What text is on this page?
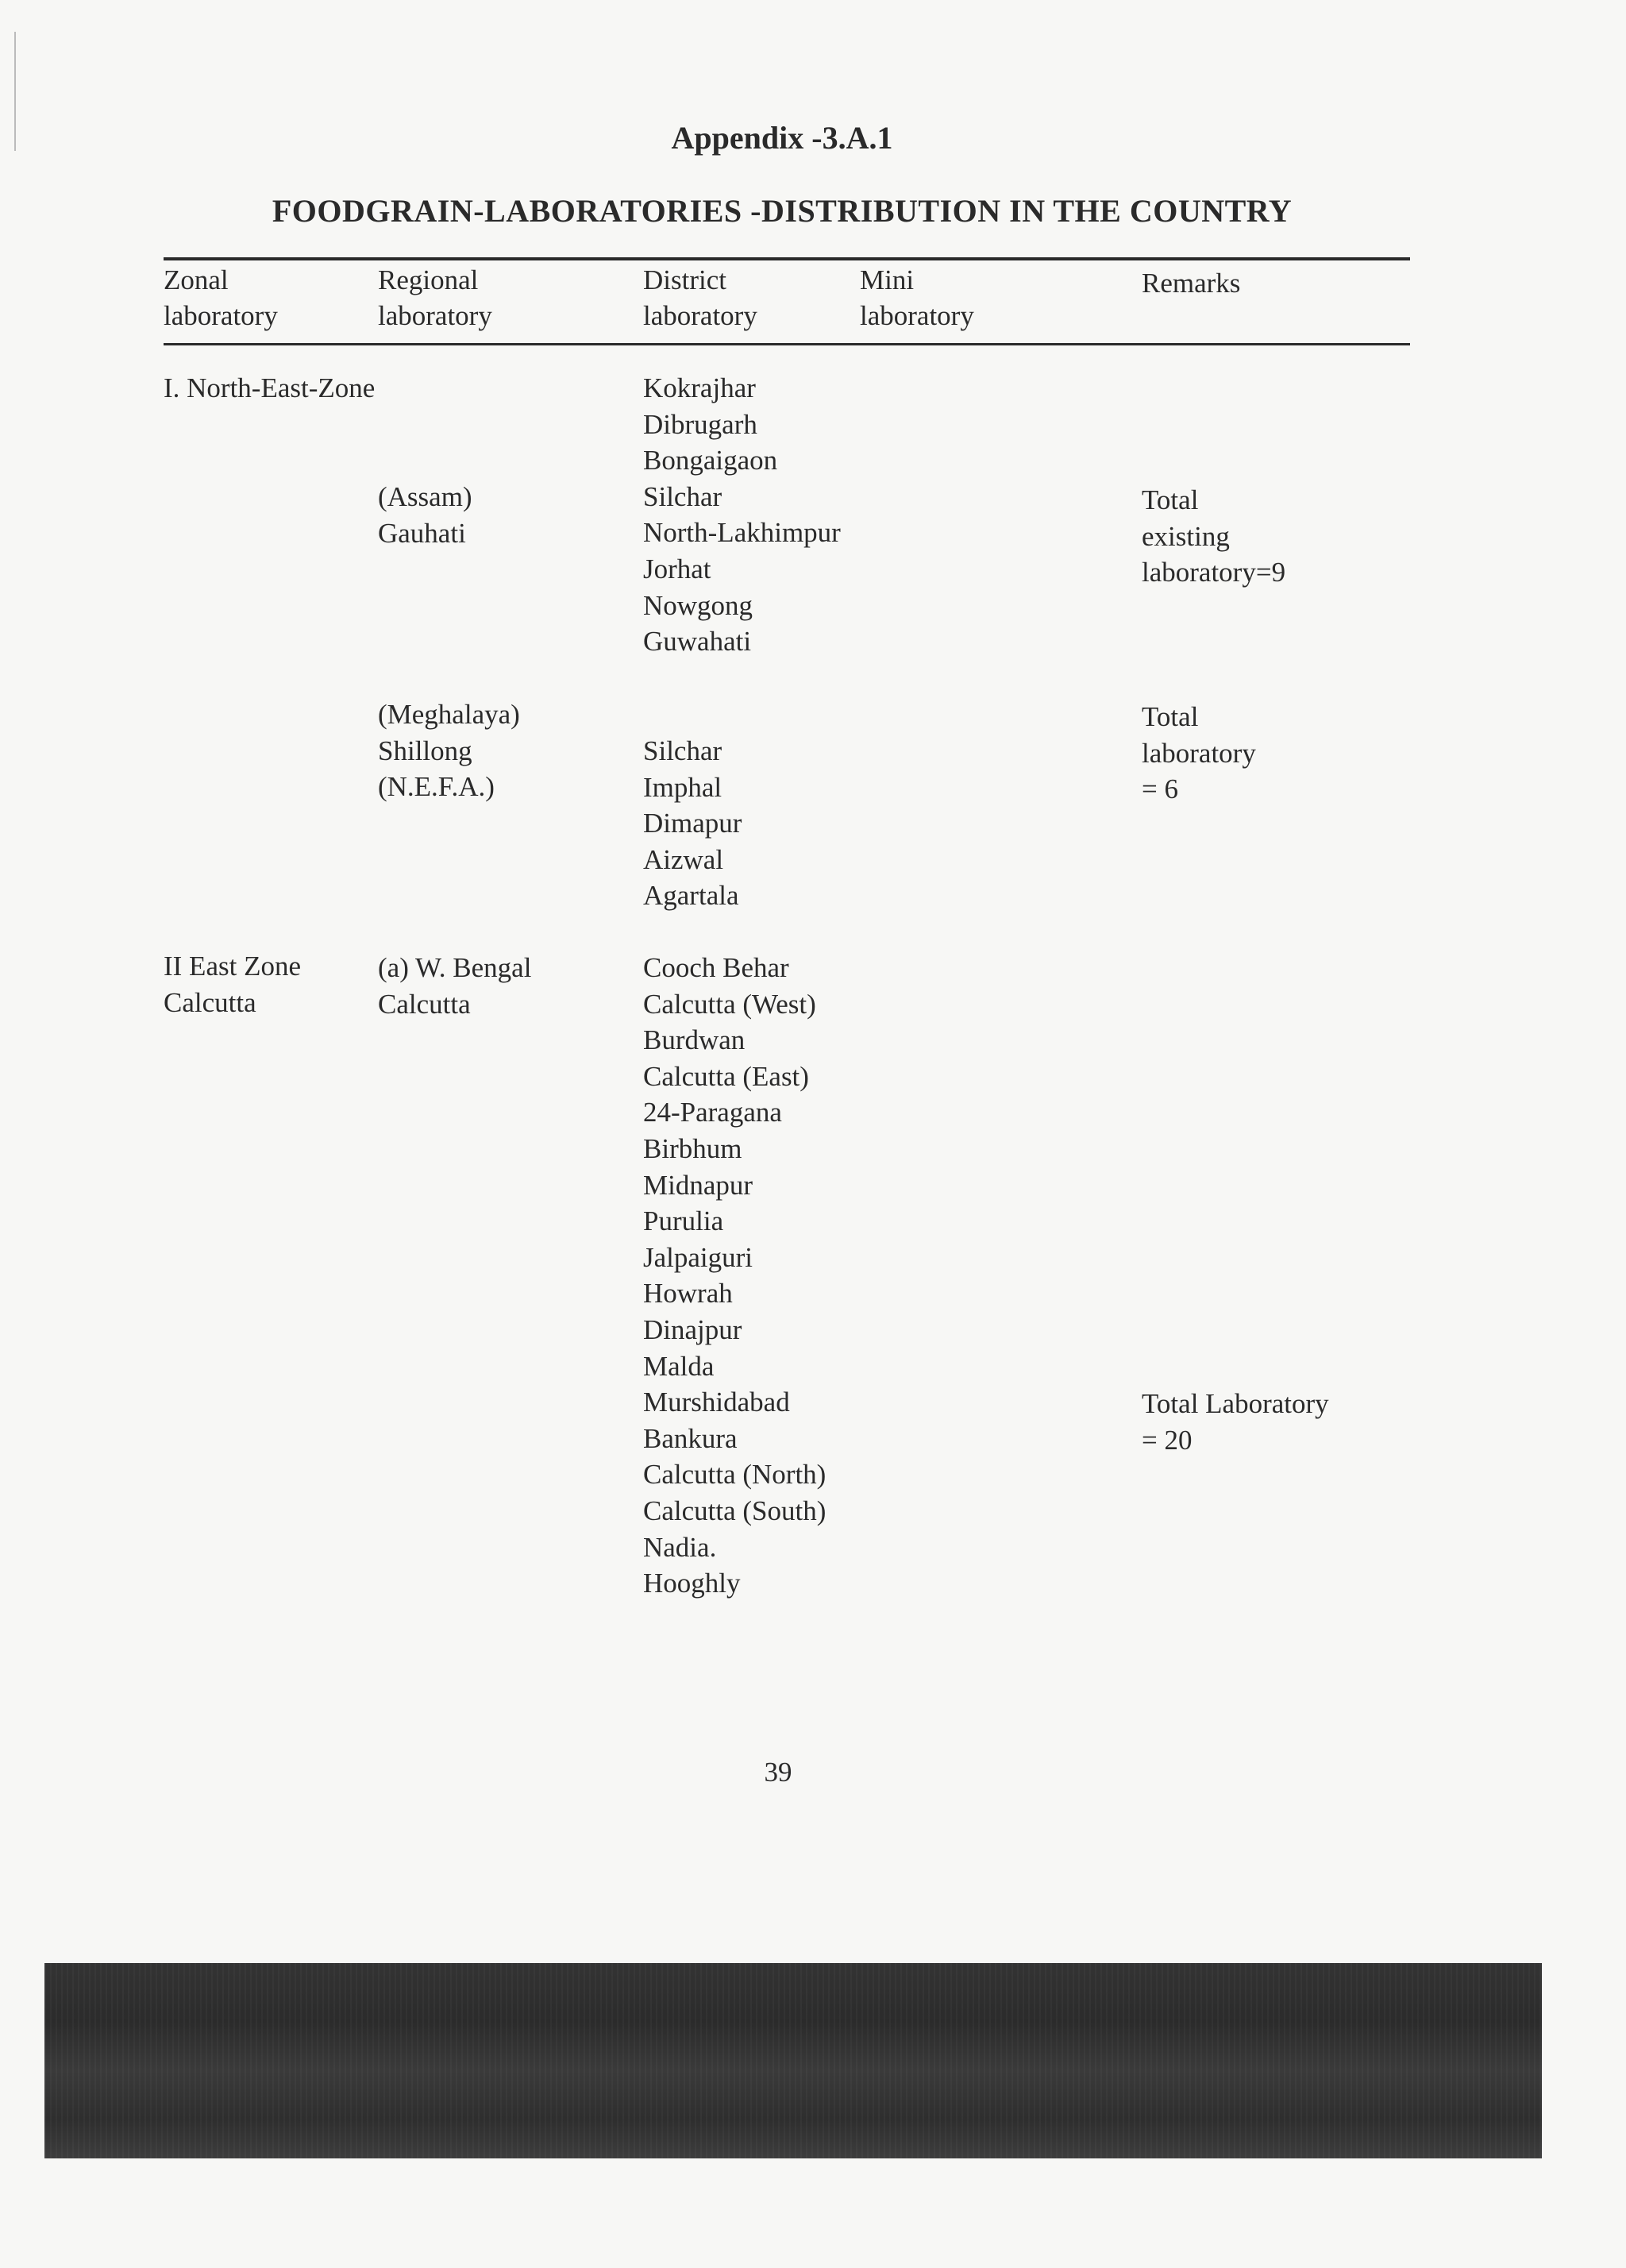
Appendix -3.A.1
FOODGRAIN-LABORATORIES -DISTRIBUTION IN THE COUNTRY
Zonal
laboratory
Regional
laboratory
District
laboratory
Mini
laboratory
Remarks
I. North-East-Zone	Kokrajhar
Dibrugarh
Bongaigaon
Silchar
North-Lakhimpur
Jorhat
Nowgong
Guwahati
(Assam)
Gauhati
Total
existing
laboratory=9
(Meghalaya)
Shillong
(N.E.F.A.)
Silchar
Imphal
Dimapur
Aizwal
Agartala
Total
laboratory
= 6
II East Zone
Calcutta
(a) W. Bengal
Calcutta
Cooch Behar
Calcutta (West)
Burdwan
Calcutta (East)
24-Paragana
Birbhum
Midnapur
Purulia
Jalpaiguri
Howrah
Dinajpur
Malda
Murshidabad
Bankura
Calcutta (North)
Calcutta (South)
Nadia.
Hooghly
Total Laboratory
= 20
39
